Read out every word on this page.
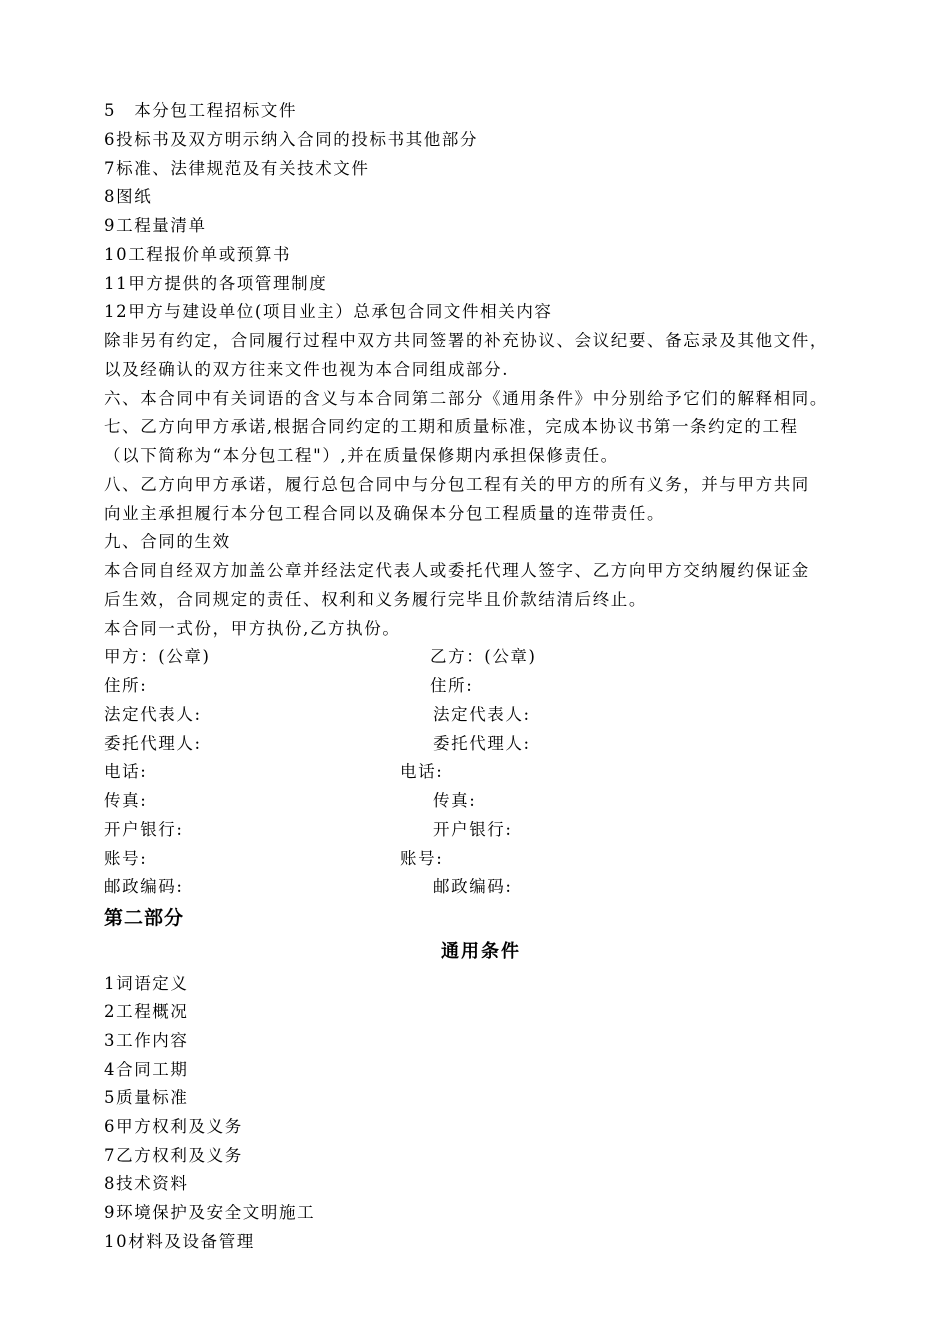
5　本分包工程招标文件
6投标书及双方明示纳入合同的投标书其他部分
7标准、法律规范及有关技术文件
8图纸
9工程量清单
10工程报价单或预算书
11甲方提供的各项管理制度
12甲方与建设单位(项目业主）总承包合同文件相关内容
除非另有约定，合同履行过程中双方共同签署的补充协议、会议纪要、备忘录及其他文件，
以及经确认的双方往来文件也视为本合同组成部分.
六、本合同中有关词语的含义与本合同第二部分《通用条件》中分别给予它们的解释相同。
七、乙方向甲方承诺,根据合同约定的工期和质量标准，完成本协议书第一条约定的工程
（以下简称为“本分包工程"）,并在质量保修期内承担保修责任。
八、乙方向甲方承诺，履行总包合同中与分包工程有关的甲方的所有义务，并与甲方共同
向业主承担履行本分包工程合同以及确保本分包工程质量的连带责任。
九、合同的生效
本合同自经双方加盖公章并经法定代表人或委托代理人签字、乙方向甲方交纳履约保证金
后生效，合同规定的责任、权利和义务履行完毕且价款结清后终止。
本合同一式份，甲方执份,乙方执份。
甲方：(公章)
住所:
法定代表人:
委托代理人:
电话:
传真:
开户银行:
账号:
邮政编码:
乙方：(公章)
住所:
法定代表人:
委托代理人:
电话:
传真:
开户银行:
账号:
邮政编码:
第二部分
通用条件
1词语定义
2工程概况
3工作内容
4合同工期
5质量标准
6甲方权利及义务
7乙方权利及义务
8技术资料
9环境保护及安全文明施工
10材料及设备管理
